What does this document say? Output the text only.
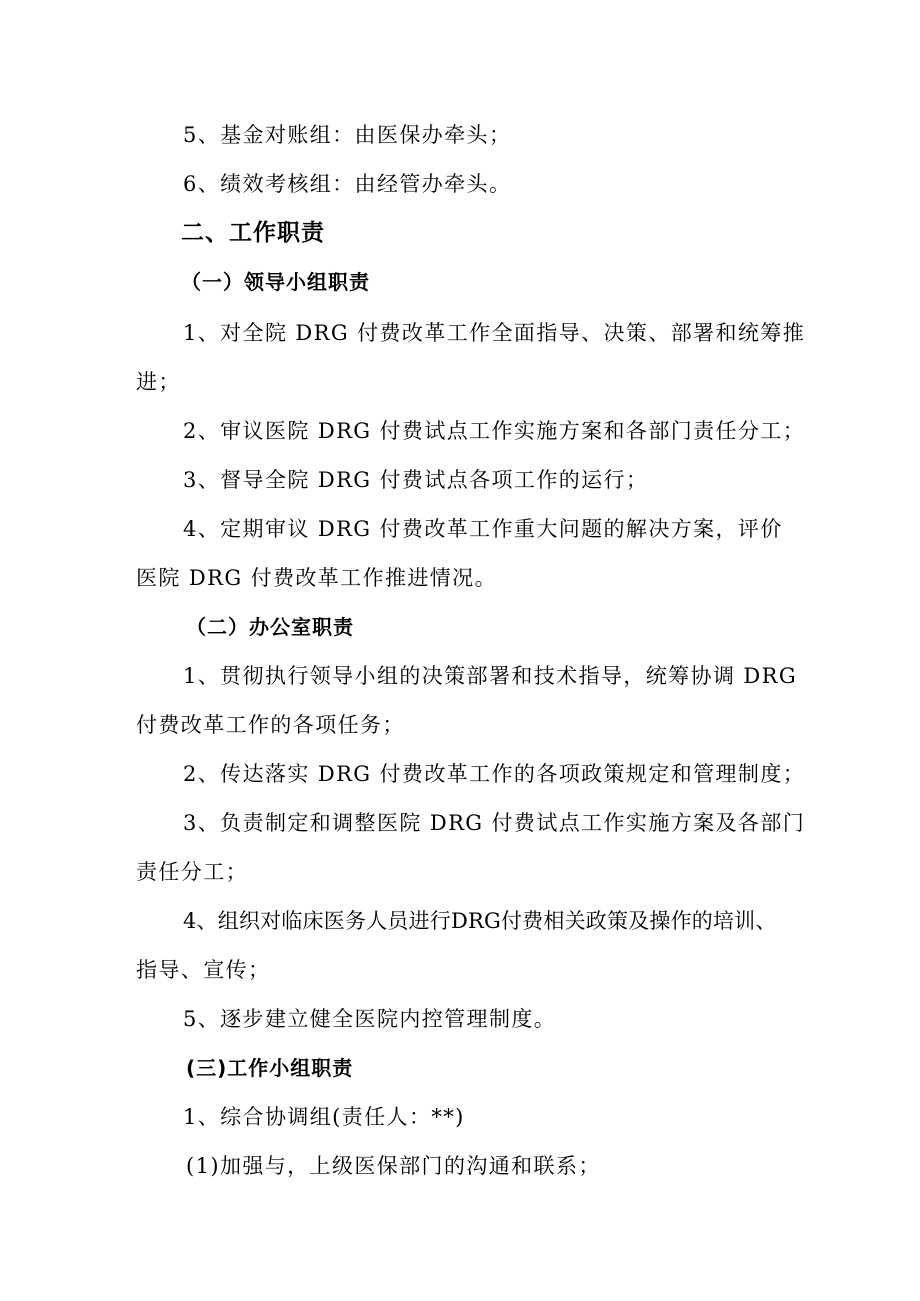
5、基金对账组：由医保办牵头；
6、绩效考核组：由经管办牵头。
二、工作职责
（一）领导小组职责
1、对全院 DRG 付费改革工作全面指导、决策、部署和统筹推
进；
2、审议医院 DRG 付费试点工作实施方案和各部门责任分工；
3、督导全院 DRG 付费试点各项工作的运行；
4、定期审议 DRG 付费改革工作重大问题的解决方案，评价
医院 DRG 付费改革工作推进情况。
（二）办公室职责
1、贯彻执行领导小组的决策部署和技术指导，统筹协调 DRG
付费改革工作的各项任务；
2、传达落实 DRG 付费改革工作的各项政策规定和管理制度；
3、负责制定和调整医院 DRG 付费试点工作实施方案及各部门
责任分工；
4、组织对临床医务人员进行DRG付费相关政策及操作的培训、
指导、宣传；
5、逐步建立健全医院内控管理制度。
(三)工作小组职责
1、综合协调组(责任人：**)
(1)加强与，上级医保部门的沟通和联系；
